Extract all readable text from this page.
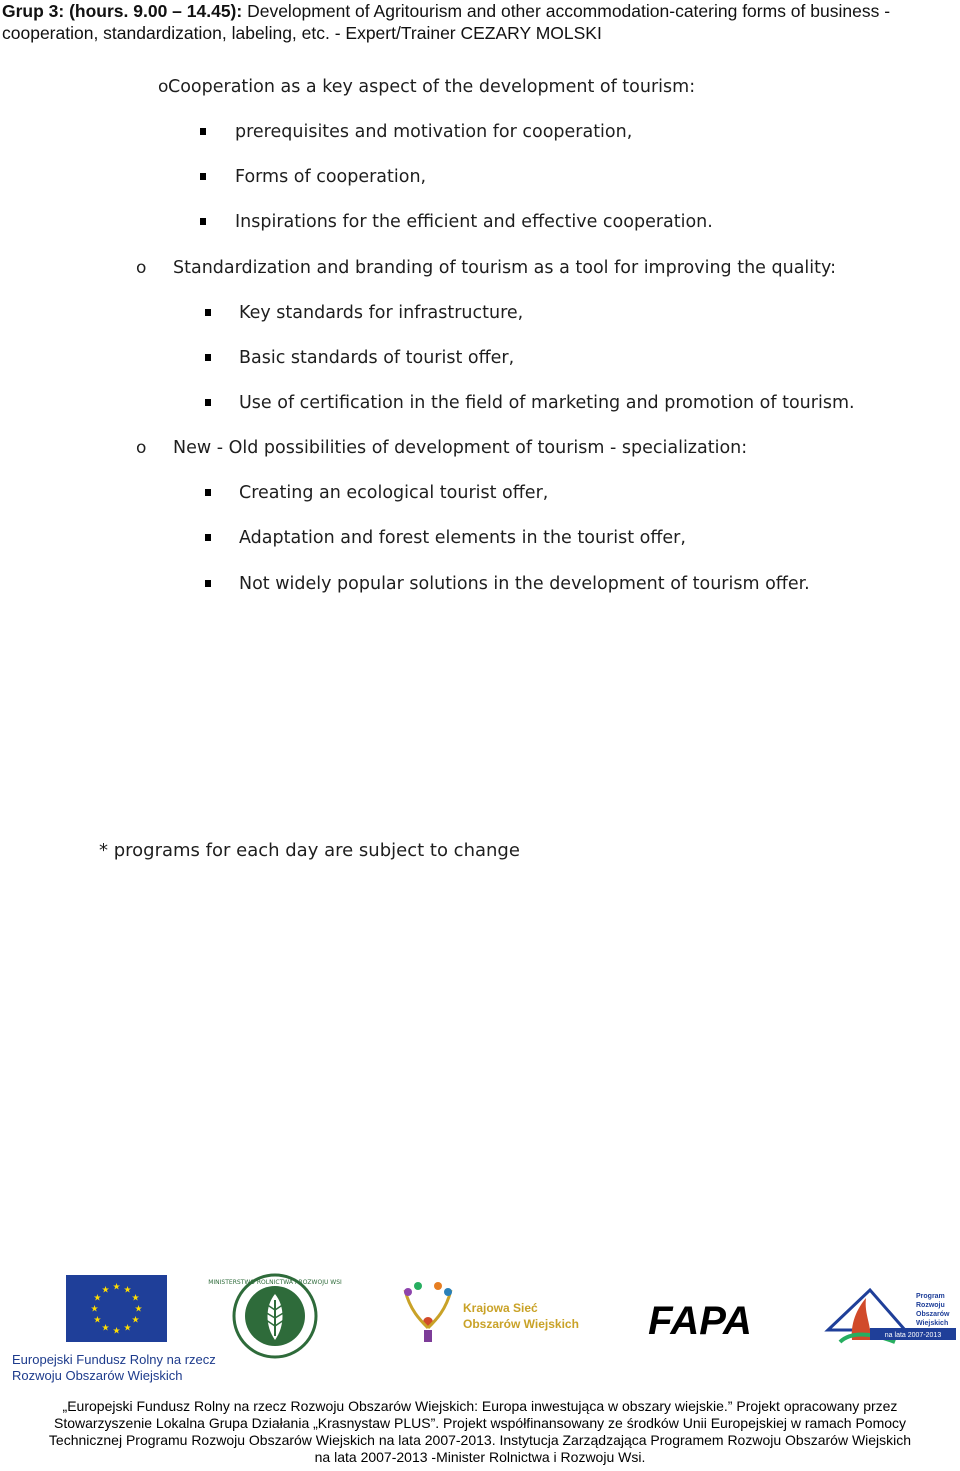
Grup 3: (hours. 9.00 – 14.45): Development of Agritourism and other accommodation-catering forms of business - cooperation, standardization, labeling, etc. - Expert/Trainer CEZARY MOLSKI
o Cooperation as a key aspect of the development of tourism:
prerequisites and motivation for cooperation,
Forms of cooperation,
Inspirations for the efficient and effective cooperation.
o Standardization and branding of tourism as a tool for improving the quality:
Key standards for infrastructure,
Basic standards of tourist offer,
Use of certification in the field of marketing and promotion of tourism.
o New - Old possibilities of development of tourism - specialization:
Creating an ecological tourist offer,
Adaptation and forest elements in the tourist offer,
Not widely popular solutions in the development of tourism offer.
* programs for each day are subject to change
★ ★
★
★
★
★
★
★
★
★
★
★
MINISTERSTWO ROLNICTWA I ROZWOJU WSI
Krajowa Sieć
Obszarów Wiejskich FAPA
Program
Rozwoju
Obszarów
Wiejskich
na lata 2007-2013
Europejski Fundusz Rolny na rzecz Rozwoju Obszarów Wiejskich

„Europejski Fundusz Rolny na rzecz Rozwoju Obszarów Wiejskich: Europa inwestująca w obszary wiejskie.” Projekt opracowany przez

Stowarzyszenie Lokalna Grupa Działania „Krasnystaw PLUS”. Projekt współfinansowany ze środków Unii Europejskiej w ramach Pomocy

Technicznej Programu Rozwoju Obszarów Wiejskich na lata 2007-2013. Instytucja Zarządzająca Programem Rozwoju Obszarów Wiejskich

na lata 2007-2013 -Minister Rolnictwa i Rozwoju Wsi.
